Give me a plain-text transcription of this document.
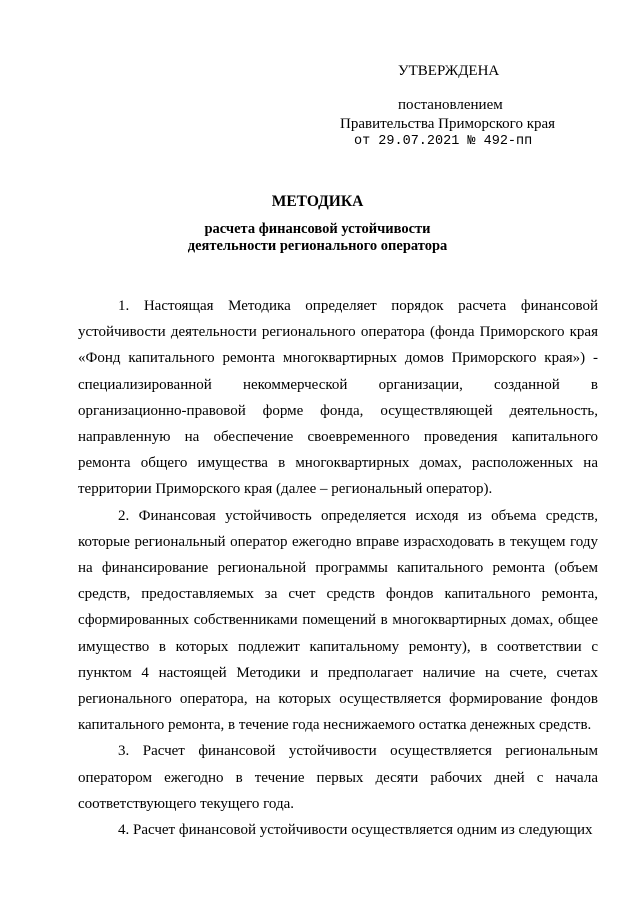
УТВЕРЖДЕНА
постановлением
Правительства Приморского края
от 29.07.2021 № 492-пп
МЕТОДИКА
расчета финансовой устойчивости
деятельности регионального оператора

1. Настоящая Методика определяет порядок расчета финансовой устойчивости деятельности регионального оператора (фонда Приморского края «Фонд капитального ремонта многоквартирных домов Приморского края») - специализированной некоммерческой организации, созданной в организационно-правовой форме фонда, осуществляющей деятельность, направленную на обеспечение своевременного проведения капитального ремонта общего имущества в многоквартирных домах, расположенных на территории Приморского края (далее – региональный оператор).

2. Финансовая устойчивость определяется исходя из объема средств, которые региональный оператор ежегодно вправе израсходовать в текущем году на финансирование региональной программы капитального ремонта (объем средств, предоставляемых за счет средств фондов капитального ремонта, сформированных собственниками помещений в многоквартирных домах, общее имущество в которых подлежит капитальному ремонту), в соответствии с пунктом 4 настоящей Методики и предполагает наличие на счете, счетах регионального оператора, на которых осуществляется формирование фондов капитального ремонта, в течение года неснижаемого остатка денежных средств.

3. Расчет финансовой устойчивости осуществляется региональным оператором ежегодно в течение первых десяти рабочих дней с начала соответствующего текущего года.

4. Расчет финансовой устойчивости осуществляется одним из следующих
